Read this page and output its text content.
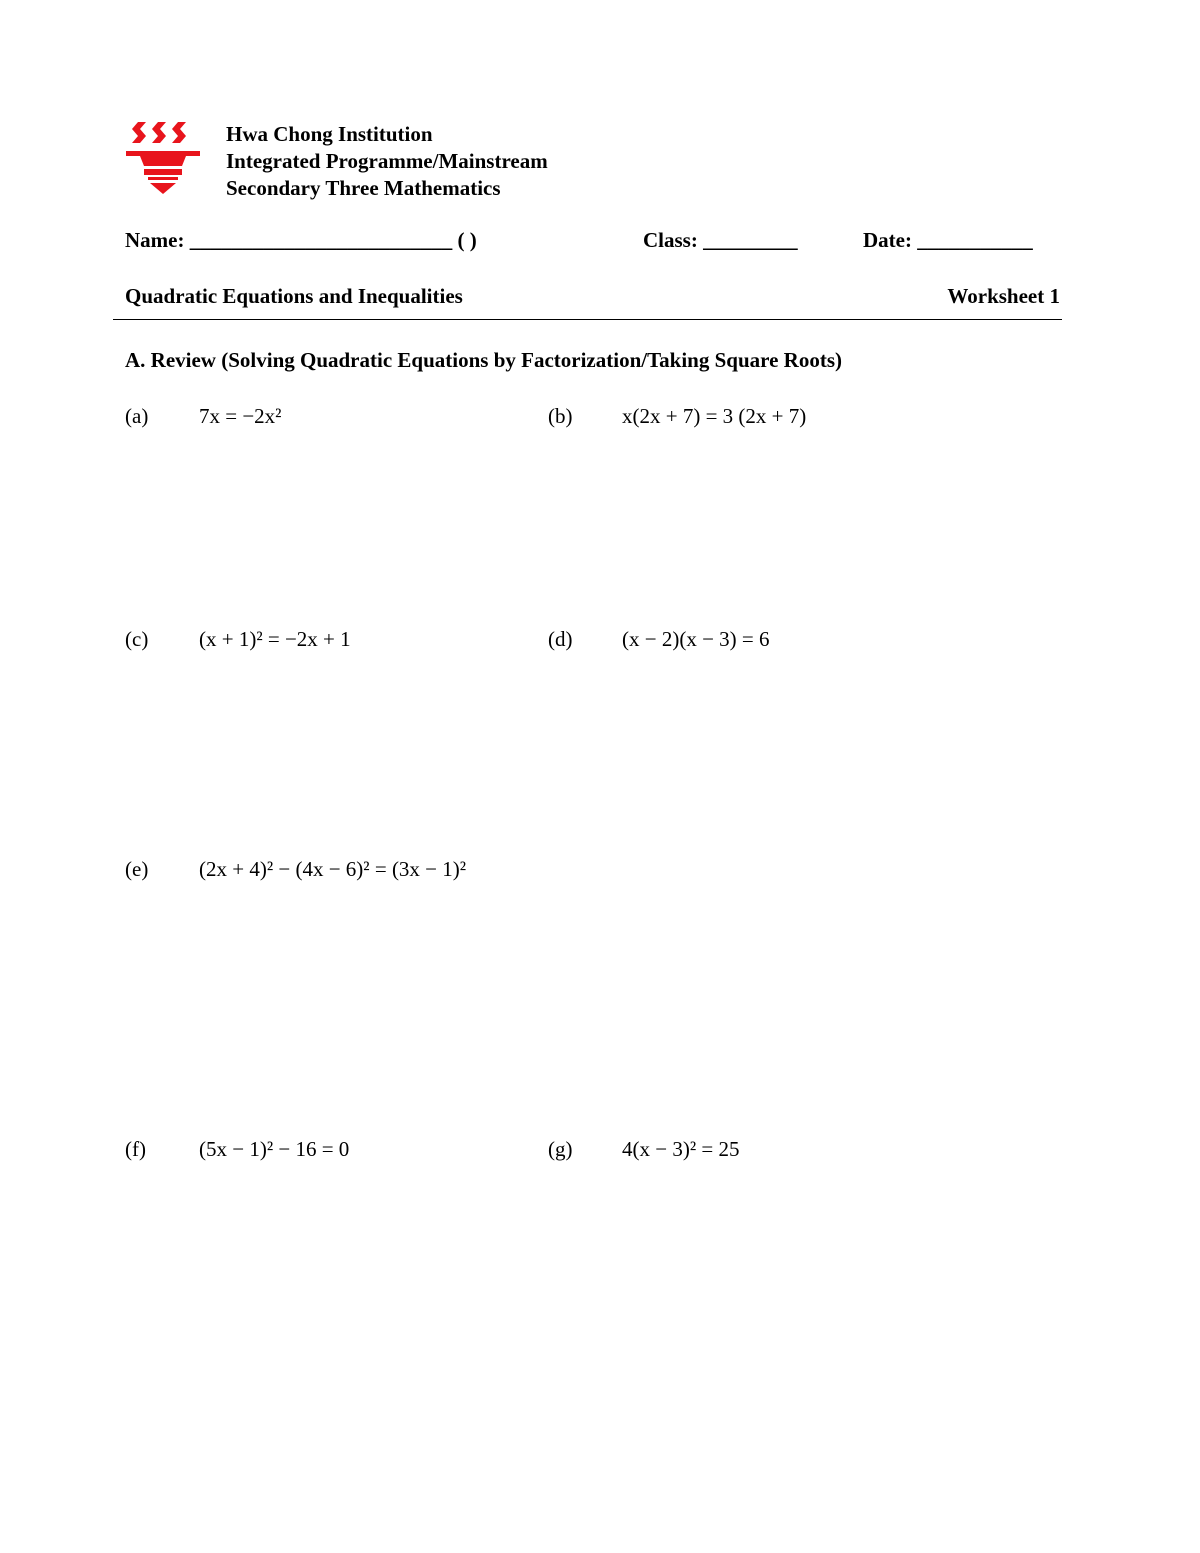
Hwa Chong Institution
Integrated Programme/Mainstream
Secondary Three Mathematics
Name: _________________________ ( )	Class: _________	Date: ___________
Quadratic Equations and Inequalities	Worksheet 1
A. Review (Solving Quadratic Equations by Factorization/Taking Square Roots)
(a) 7x = −2x²	(b) x(2x + 7) = 3 (2x + 7)
(c) (x + 1)² = −2x + 1	(d) (x − 2)(x − 3) = 6
(e) (2x + 4)² − (4x − 6)² = (3x − 1)²
(f)	(5x − 1)² − 16 = 0	(g) 4(x − 3)² = 25
